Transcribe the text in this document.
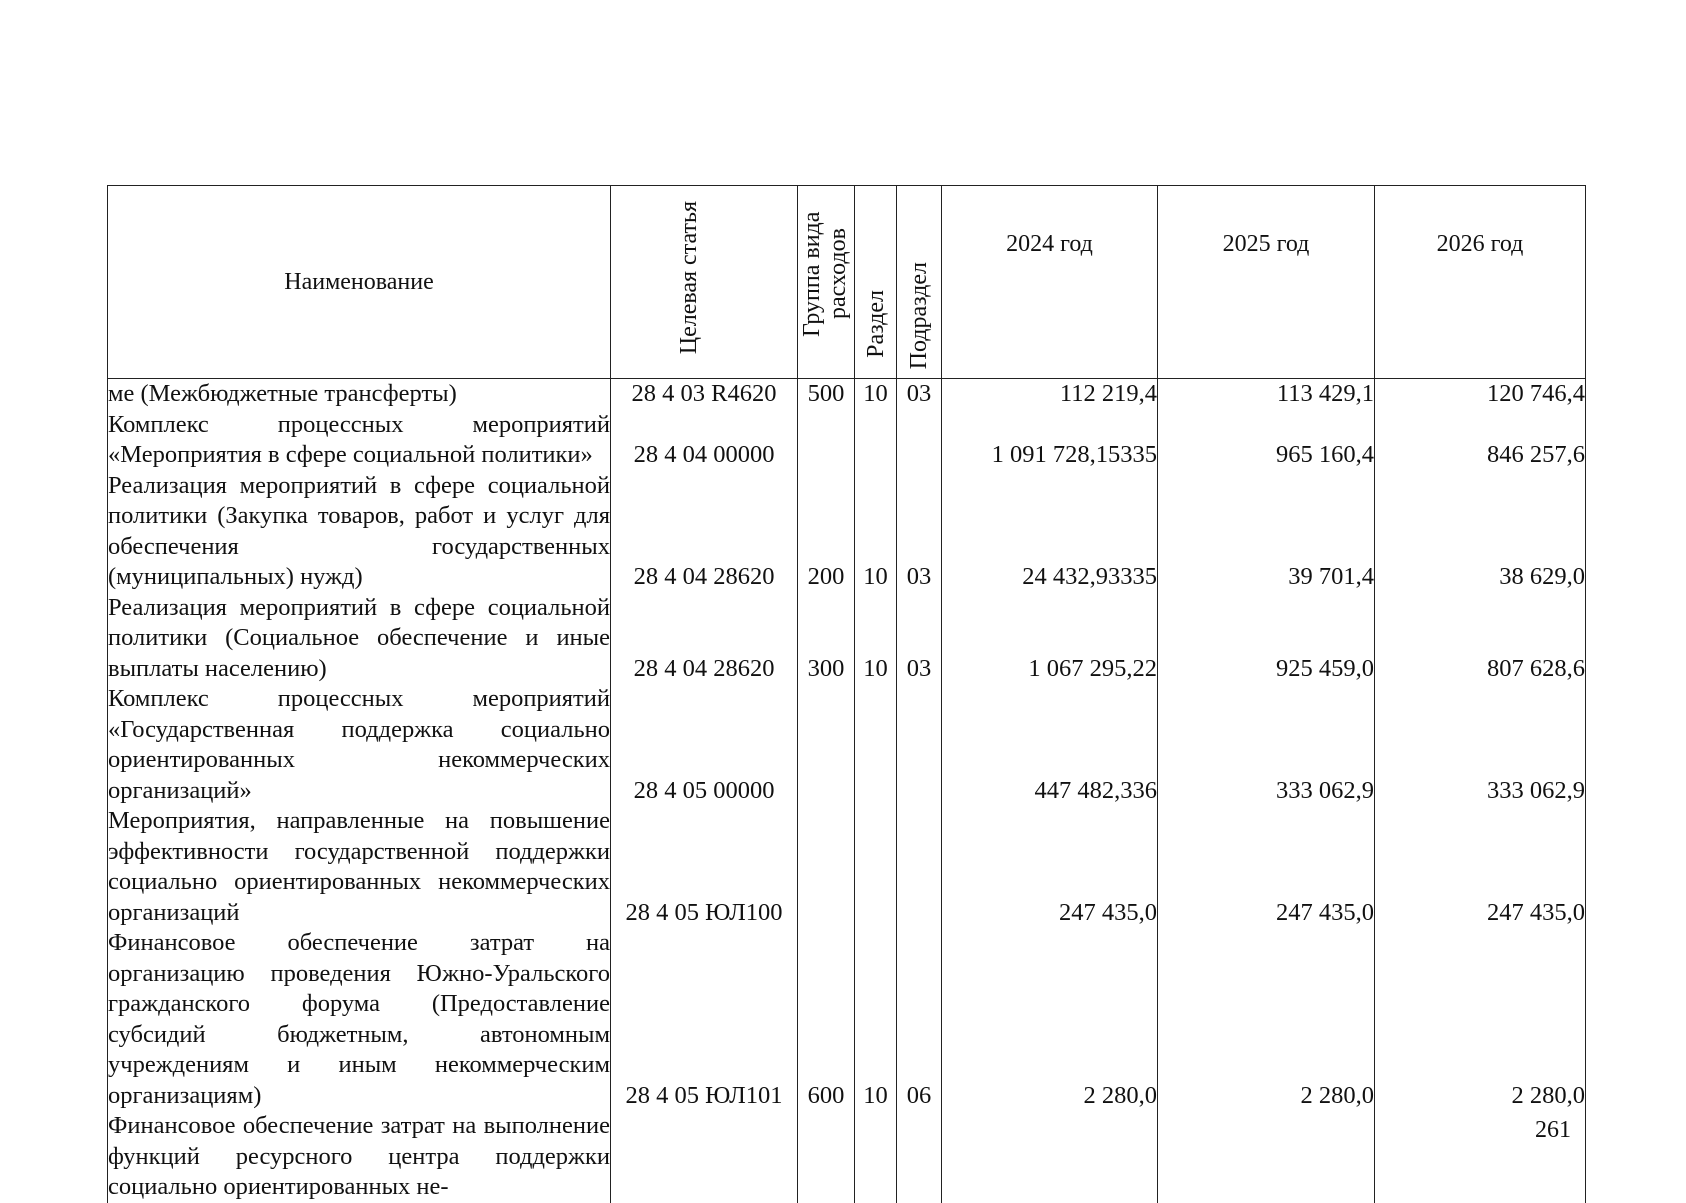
Наименование	Целевая статья	Группа вида расходов	Раздел	Подраздел	2024 год	2025 год	2026 год
ме (Межбюджетные трансферты)	28 4 03 R4620	500	10	03	112 219,4	113 429,1	120 746,4
Комплекс процессных мероприятий «Мероприятия в сфере социальной политики»	28 4 04 00000				1 091 728,15335	965 160,4	846 257,6
Реализация мероприятий в сфере социальной политики (Закупка товаров, работ и услуг для обеспечения государственных (муниципальных) нужд)	28 4 04 28620	200	10	03	24 432,93335	39 701,4	38 629,0
Реализация мероприятий в сфере социальной политики (Социальное обеспечение и иные выплаты населению)	28 4 04 28620	300	10	03	1 067 295,22	925 459,0	807 628,6
Комплекс процессных мероприятий «Государственная поддержка социально ориентированных некоммерческих организаций»	28 4 05 00000				447 482,336	333 062,9	333 062,9
Мероприятия, направленные на повышение эффективности государственной поддержки социально ориентированных некоммерческих организаций	28 4 05 ЮЛ100				247 435,0	247 435,0	247 435,0
Финансовое обеспечение затрат на организацию проведения Южно-Уральского гражданского форума (Предоставление субсидий бюджетным, автономным учреждениям и иным некоммерческим организациям)	28 4 05 ЮЛ101	600	10	06	2 280,0	2 280,0	2 280,0
Финансовое обеспечение затрат на выполнение функций ресурсного центра поддержки социально ориентированных не-							
261
